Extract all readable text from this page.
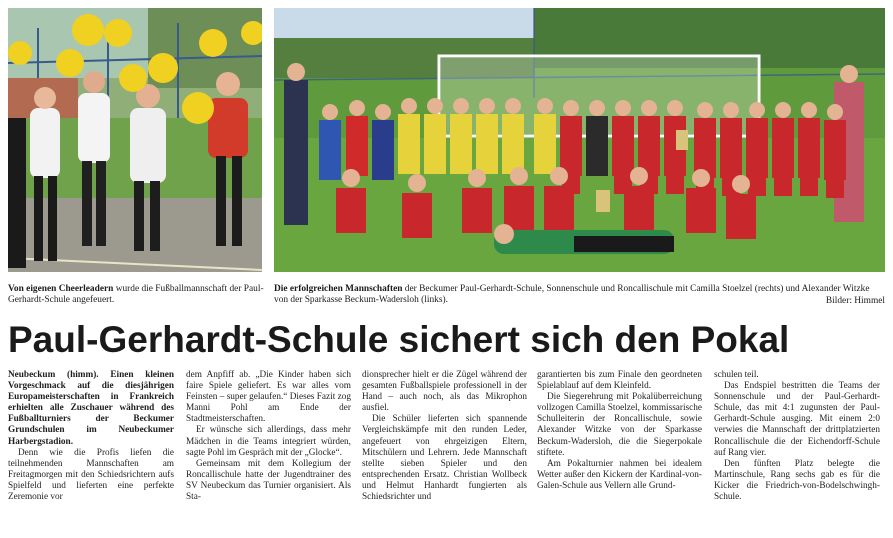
Von eigenen Cheerleadern wurde die Fußballmannschaft der Paul-Gerhardt-Schule angefeuert.
Die erfolgreichen Mannschaften der Beckumer Paul-Gerhardt-Schule, Sonnenschule und Roncallischule mit Camilla Stoelzel (rechts) und Alexander Witzke von der Sparkasse Beckum-Wadersloh (links).	Bilder: Himmel
Paul-Gerhardt-Schule sichert sich den Pokal

Neubeckum (himm). Einen kleinen Vorgeschmack auf die diesjährigen Europameisterschaften in Frankreich erhielten alle Zuschauer während des Fußballturniers der Beckumer Grundschulen im Neubeckumer Harbergstadion.

Denn wie die Profis liefen die teilnehmenden Mannschaften am Freitagmorgen mit den Schiedsrichtern aufs Spielfeld und lieferten eine perfekte Zeremonie vor

dem Anpfiff ab. „Die Kinder haben sich faire Spiele geliefert. Es war alles vom Feinsten – super gelaufen.“ Dieses Fazit zog Manni Pohl am Ende der Stadtmeisterschaften.

Er wünsche sich allerdings, dass mehr Mädchen in die Teams integriert würden, sagte Pohl im Gespräch mit der „Glocke“.

Gemeinsam mit dem Kollegium der Roncallischule hatte der Jugendtrainer des SV Neubeckum das Turnier organisiert. Als Sta-

dionsprecher hielt er die Zügel während der gesamten Fußballspiele professionell in der Hand – auch noch, als das Mikrophon ausfiel.

Die Schüler lieferten sich spannende Vergleichskämpfe mit den runden Leder, angefeuert von ehrgeizigen Eltern, Mitschülern und Lehrern. Jede Mannschaft stellte sieben Spieler und den entsprechenden Ersatz. Christian Wollbeck und Helmut Hanhardt fungierten als Schiedsrichter und

garantierten bis zum Finale den geordneten Spielablauf auf dem Kleinfeld.

Die Siegerehrung mit Pokalüberreichung vollzogen Camilla Stoelzel, kommissarische Schulleiterin der Roncallischule, sowie Alexander Witzke von der Sparkasse Beckum-Wadersloh, die die Siegerpokale stiftete.

Am Pokalturnier nahmen bei idealem Wetter außer den Kickern der Kardinal-von-Galen-Schule aus Vellern alle Grund-

schulen teil.

Das Endspiel bestritten die Teams der Sonnenschule und der Paul-Gerhardt-Schule, das mit 4:1 zugunsten der Paul-Gerhardt-Schule ausging. Mit einem 2:0 verwies die Mannschaft der drittplatzierten Roncallischule die der Eichendorff-Schule auf Rang vier.

Den fünften Platz belegte die Martinschule, Rang sechs gab es für die Kicker die Friedrich-von-Bodelschwingh-Schule.
